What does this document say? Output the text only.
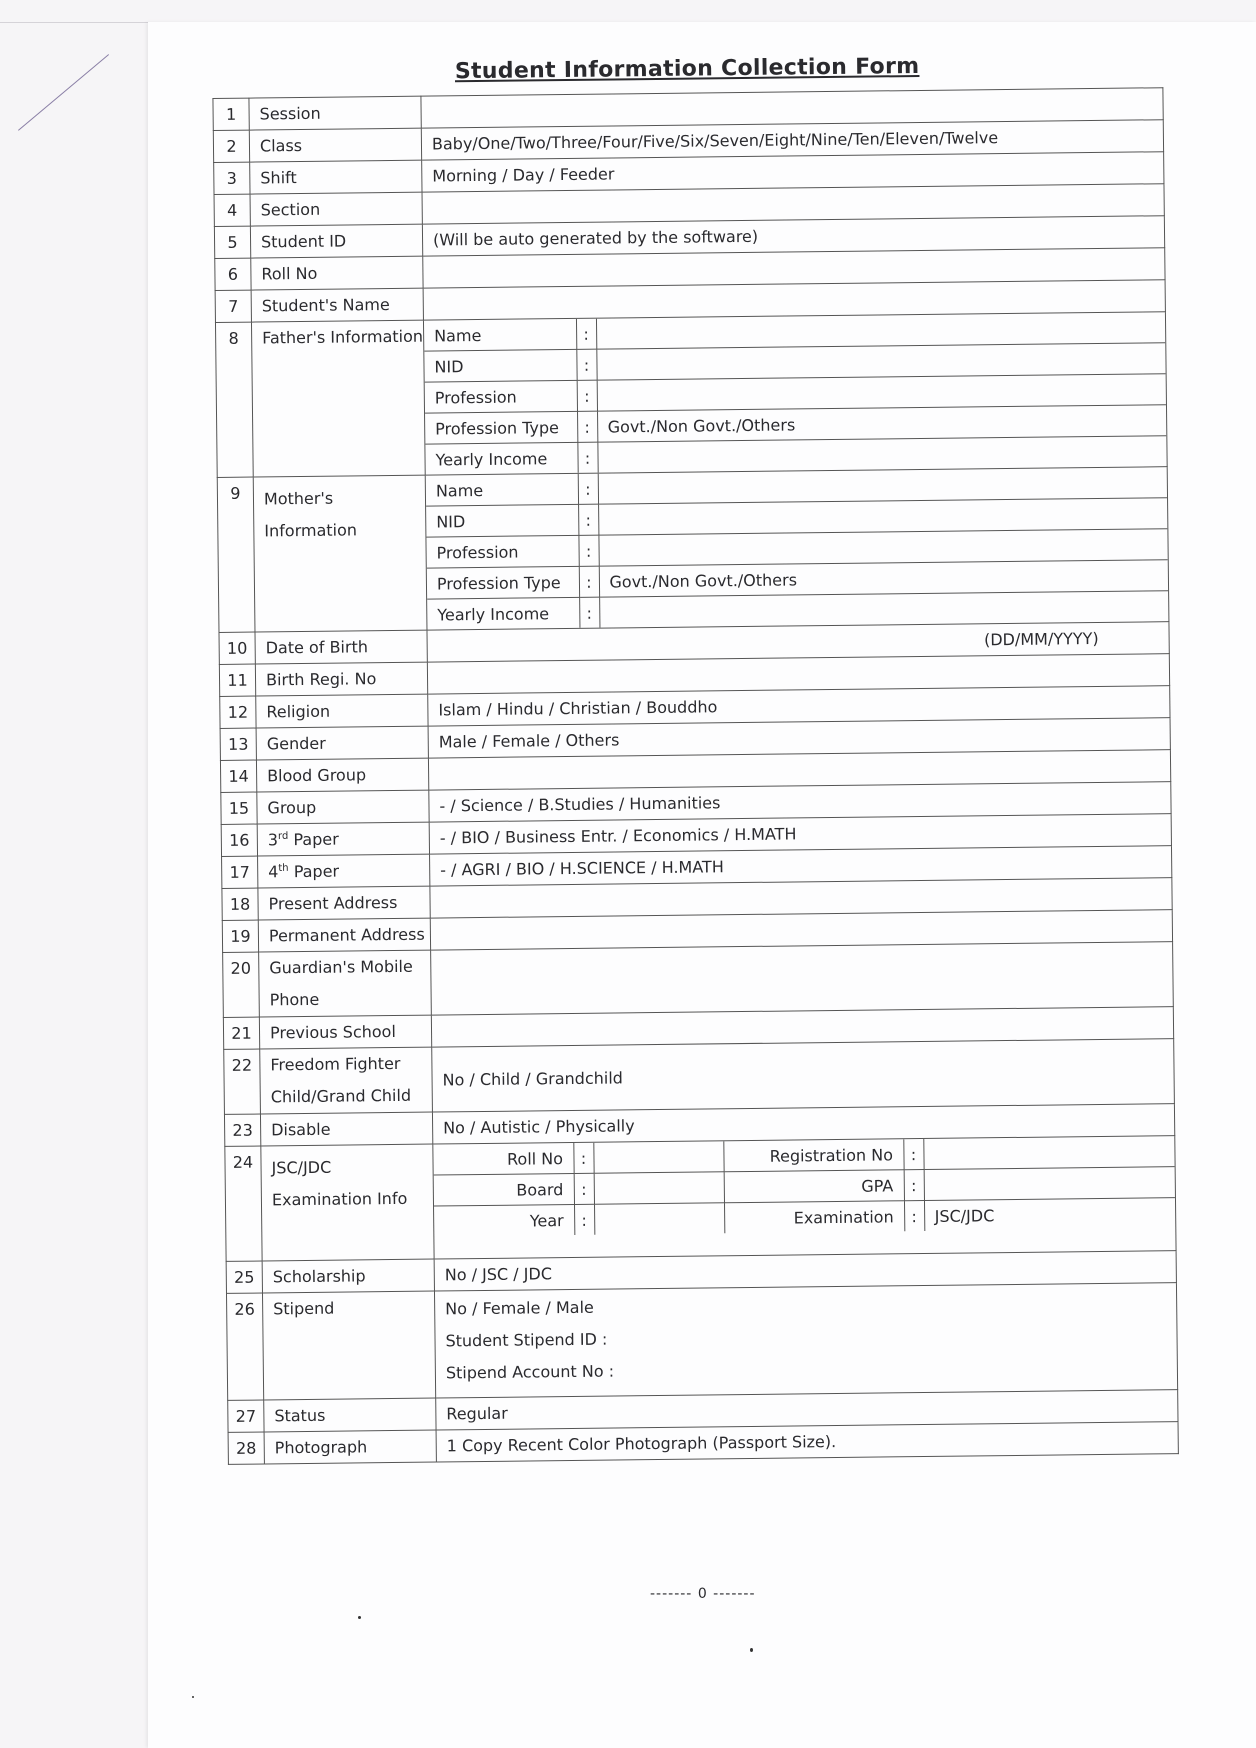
Student Information Collection Form
1	Session	
2	Class	Baby/One/Two/Three/Four/Five/Six/Seven/Eight/Nine/Ten/Eleven/Twelve
3	Shift	Morning / Day / Feeder
4	Section	
5	Student ID	(Will be auto generated by the software)
6	Roll No	
7	Student's Name	
8	Father's Information	Name	:	
NID	:	
Profession	:	
Profession Type	:	Govt./Non Govt./Others
Yearly Income	:	

9	Mother's
Information

Name	:	
NID	:	
Profession	:	
Profession Type	:	Govt./Non Govt./Others
Yearly Income	:	

10	Date of Birth	(DD/MM/YYYY)

11	Birth Regi. No	
12	Religion	Islam / Hindu / Christian / Bouddho
13	Gender	Male / Female / Others
14	Blood Group	
15	Group	- / Science / B.Studies / Humanities
16	3rd Paper	- / BIO / Business Entr. / Economics / H.MATH
17	4th Paper	- / AGRI / BIO / H.SCIENCE / H.MATH
18	Present Address	
19	Permanent Address	
20	Guardian's Mobile
Phone

21	Previous School	
22	Freedom Fighter
Child/Grand Child
	No / Child / Grandchild
23	Disable	No / Autistic / Physically
24	JSC/JDC
Examination Info

Roll No	:		Registration No	:	
Board	:		GPA	:	
Year	:		Examination	:	JSC/JDC

25	Scholarship	No / JSC / JDC
26	Stipend	No / Female / Male
Student Stipend ID :
Stipend Account No :

27	Status	Regular
28	Photograph	1 Copy Recent Color Photograph (Passport Size).
------- 0 -------
